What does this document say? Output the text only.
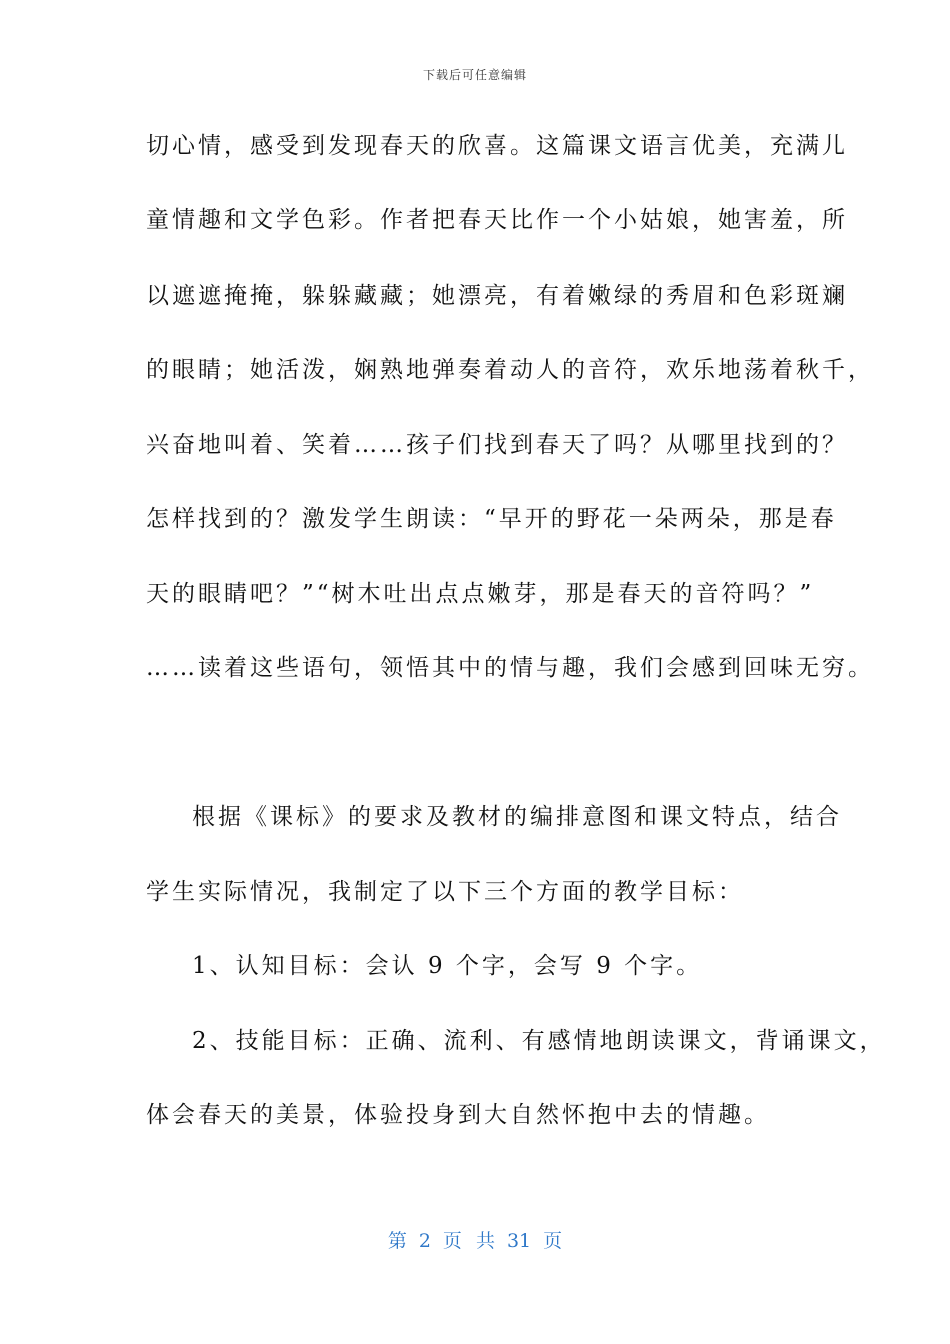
下载后可任意编辑
切心情，感受到发现春天的欣喜。这篇课文语言优美，充满儿
童情趣和文学色彩。作者把春天比作一个小姑娘，她害羞，所
以遮遮掩掩，躲躲藏藏；她漂亮，有着嫩绿的秀眉和色彩斑斓
的眼睛；她活泼，娴熟地弹奏着动人的音符，欢乐地荡着秋千，
兴奋地叫着、笑着……孩子们找到春天了吗？从哪里找到的？
怎样找到的？激发学生朗读：“早开的野花一朵两朵，那是春
天的眼睛吧？”“树木吐出点点嫩芽，那是春天的音符吗？”
……读着这些语句，领悟其中的情与趣，我们会感到回味无穷。
根据《课标》的要求及教材的编排意图和课文特点，结合
学生实际情况，我制定了以下三个方面的教学目标：
1、认知目标：会认 9 个字，会写 9 个字。
2、技能目标：正确、流利、有感情地朗读课文，背诵课文，
体会春天的美景，体验投身到大自然怀抱中去的情趣。
第 2 页 共 31 页
